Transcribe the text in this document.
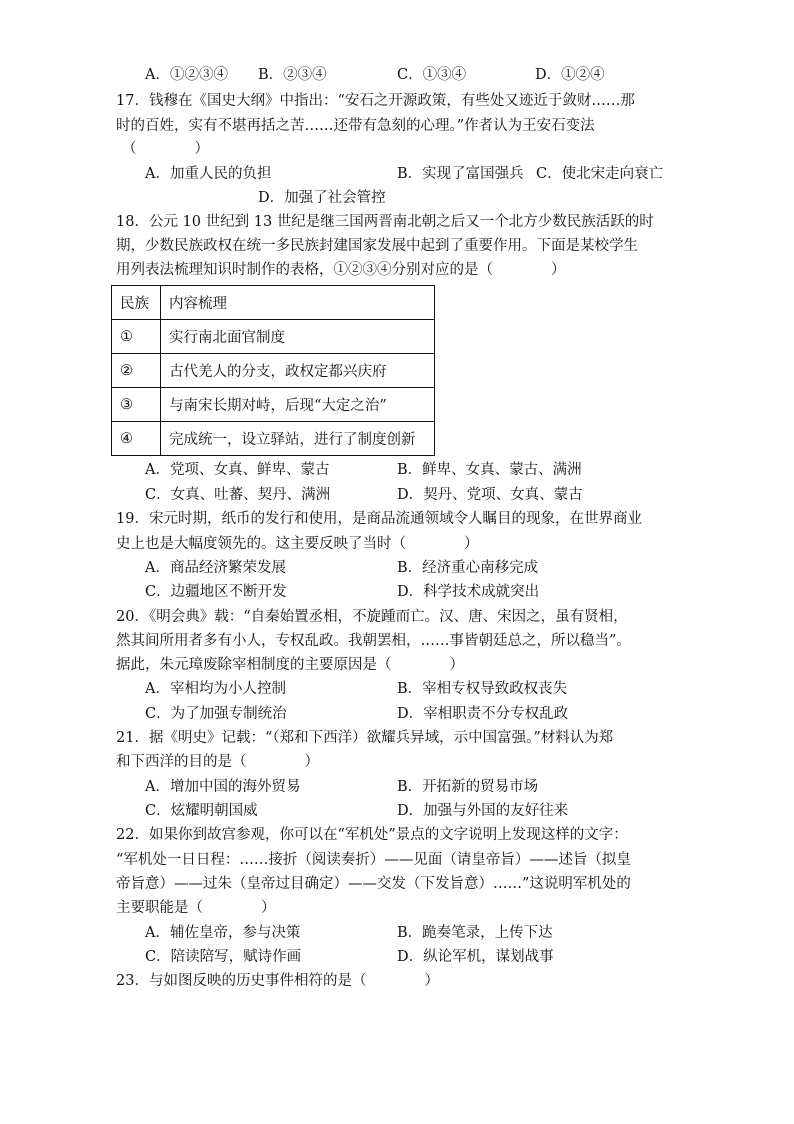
A．①②③④ B．②③④	C．①③④	D．①②④
17．钱穆在《国史大纲》中指出：“安石之开源政策，有些处又迹近于敛财……那
时的百姓，实有不堪再括之苦……还带有急刻的心理。”作者认为王安石变法
（　　　　）
A．加重人民的负担	B．实现了富国强兵 C．使北宋走向衰亡
D．加强了社会管控
18．公元 10 世纪到 13 世纪是继三国两晋南北朝之后又一个北方少数民族活跃的时
期，少数民族政权在统一多民族封建国家发展中起到了重要作用。下面是某校学生
用列表法梳理知识时制作的表格，①②③④分别对应的是（　　　　）
民族	内容梳理
①	实行南北面官制度
②	古代羌人的分支，政权定都兴庆府
③	与南宋长期对峙，后现“大定之治”
④	完成统一，设立驿站，进行了制度创新
A．党项、女真、鲜卑、蒙古	B．鲜卑、女真、蒙古、满洲
C．女真、吐蕃、契丹、满洲	D．契丹、党项、女真、蒙古
19．宋元时期，纸币的发行和使用，是商品流通领域令人瞩目的现象，在世界商业
史上也是大幅度领先的。这主要反映了当时（　　　　）
A．商品经济繁荣发展	B．经济重心南移完成
C．边疆地区不断开发	D．科学技术成就突出
20．《明会典》载：“自秦始置丞相，不旋踵而亡。汉、唐、宋因之，虽有贤相，
然其间所用者多有小人，专权乱政。我朝罢相，……事皆朝廷总之，所以稳当”。
据此，朱元璋废除宰相制度的主要原因是（　　　　）
A．宰相均为小人控制	B．宰相专权导致政权丧失
C．为了加强专制统治	D．宰相职责不分专权乱政
21．据《明史》记载：“（郑和下西洋）欲耀兵异域，示中国富强。”材料认为郑
和下西洋的目的是（　　　　）
A．增加中国的海外贸易	B．开拓新的贸易市场
C．炫耀明朝国威	D．加强与外国的友好往来
22．如果你到故宫参观，你可以在“军机处”景点的文字说明上发现这样的文字：
“军机处一日日程：……接折（阅读奏折）——见面（请皇帝旨）——述旨（拟皇
帝旨意）——过朱（皇帝过目确定）——交发（下发旨意）……”这说明军机处的
主要职能是（　　　　）
A．辅佐皇帝，参与决策	B．跪奏笔录，上传下达
C．陪读陪写，赋诗作画	D．纵论军机，谋划战事
23．与如图反映的历史事件相符的是（　　　　）
